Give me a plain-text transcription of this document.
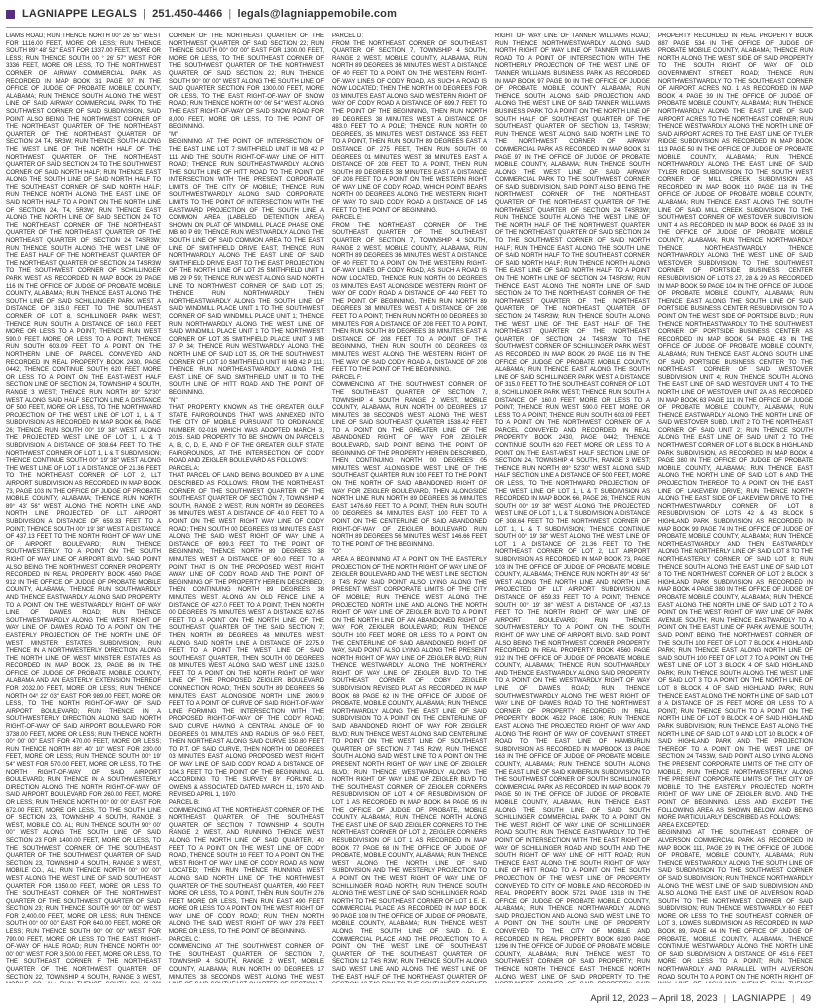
LAGNIAPPE LEGALS | 251.450-4466 | legals@lagniappemobile.com
LIAMS ROAD; RUN THENCE NORTH 00° 26' 55" WEST FOR 1116.00 FEET, MORE OR LESS; RUN THENCE SOUTH 89° 48' 52" EAST FOR 1337.00 FEET, MORE OR LESS; RUN THENCE SOUTH 00 ° 26' 57" WEST FOR 3336 FEET, MORE OR LESS, TO THE NORTHWEST CORNER OF AIRWAY COMMERCIAL PARK AS RECORDED IN MAP BOOK 31 PAGE 97 IN THE OFFICE OF JUDGE OF PROBATE MOBILE COUNTY, ALABAMA; RUN THENCE SOUTH ALONG THE WEST LINE OF SAID AIRWAY COMMERCIAL PARK TO THE SOUTHWEST CORNER OF SAID SUBDIVISION, SAID POINT ALSO BEING THE NORTHWEST CORNER OF THE NORTHEAST QUARTER OF THE NORTHEAST QUARTER OF THE NORTHEAST QUARTER OF SECTION 24 T4, 5R3W; RUN THENCE SOUTH ALONG THE WEST LINE OF THE NORTH HALF OF THE NORTHWEST QUARTER OF THE NORTHEAST QUARTER OF SAID SECTION 24 TO THE SOUTHWEST CORNER OF SAID NORTH HALF; RUN THENCE EAST ALONG THE SOUTH LINE OF SAID NORTH HALF TO THE SOUTHEAST CORNER OF SAID NORTH HALF; RUN THENCE NORTH ALONG THE EAST LINE OF SAID NORTH HALF TO A POINT ON THE NORTH LINE OF SECTION 24, T4, 5R3W; RUN THENCE EAST ALONG THE NORTH LINE OF SAID SECTION 24 TO THE NORTHEAST CORNER OF THE NORTHEAST QUARTER OF THE NORTHEAST QUARTER OF THE NORTHEAST QUARTER OF SECTION 24 T4SR3W; RUN THENCE SOUTH ALONG THE WEST LINE OF THE EAST HALF OF THE NORTHEAST QUARTER OF THE NORTHEAST QUARTER OF SECTION 24 T4SR3W TO THE SOUTHWEST CORNER OF SCHILLINGER PARK WEST AS RECORDED IN MAP BOOK 29 PAGE 116 IN THE OFFICE OF JUDGE OF PROBATE MOBILE COUNTY, ALABAMA; RUN THENCE EAST ALONG THE SOUTH LINE OF SAID SCHILLINGER PARK WEST A DISTANCE OF 315.0 FEET TO THE SOUTHEAST CORNER OF LOT 8, SCHILLINGER PARK WEST; THENCE RUN SOUTH A DISTANCE OF 160.0 FEET MORE OR LESS TO A POINT; THENCE RUN WEST 590.0 FEET MORE OR LESS TO A POINT; THENCE RUN SOUTH 603.09 FEET TO A POINT ON THE NORTHERN LINE OF PARCEL CONVEYED AND RECORDED IN REAL PROPERTY BOOK 2430, PAGE 0442; THENCE CONTINUE SOUTH 620 FEET MORE OR LESS TO A POINT ON THE EAST-WEST HALF SECTION LINE OF SECTION 24, TOWNSHIP 4 SOUTH, RANGE 3 WEST; THENCE RUN NORTH 89° 52'30" WEST ALONG SAID HALF SECTION LINE A DISTANCE OF 500 FEET, MORE OR LESS, TO THE NORTHWARD PROJECTION OF THE WEST LINE OF LOT 1, L & T SUBDIVISION AS RECORDED IN MAP BOOK 66, PAGE 26; THENCE RUN SOUTH 00° 19' 38" WEST ALONG THE PROJECTED WEST LINE OF LOT 1, L & T SUBDIVISION A DISTANCE OF 308.64 FEET TO THE NORTHWEST CORNER OF LOT 1, L & T SUBDIVISION; THENCE CONTINUE SOUTH 00° 19' 38" WEST ALONG THE WEST LINE OF LOT 1 A DISTANCE OF 21.36 FEET TO THE NORTHEAST CORNER OF LOT 2, LLT AIRPORT SUBDIVISION AS RECORDED IN MAP BOOK 73, PAGE 103 IN THE OFFICE OF JUDGE OF PROBATE MOBILE COUNTY, ALABAMA; THENCE RUN NORTH 89° 43' 56" WEST ALONG THE NORTH LINE AND NORTH LINE PROJECTED OF LLT AIRPORT SUBDIVISION A DISTANCE OF 659.33 FEET TO A POINT; THENCE SOUTH 00° 19' 38" WEST A DISTANCE OF 437.13 FEET TO THE NORTH RIGHT OF WAY LINE OF AIRPORT BOULEVARD; RUN THENCE SOUTHWESTERLY TO A POINT ON THE SOUTH RIGHT OF WAY LINE OF AIRPORT BLVD. SAID POINT ALSO BEING THE NORTHWEST CORNER PROPERTY RECORDED IN REAL PROPERTY BOOK 4560 PAGE 912 IN THE OFFICE OF JUDGE OF PROBATE MOBILE COUNTY, ALABAMA; THENCE RUN SOUTHWARDLY AND THENCE EASTWARDLY ALONG SAID PROPERTY TO A POINT ON THE WESTWARDLY RIGHT OF WAY LINE OF DAWES ROAD; RUN THENCE SOUTHWESTWARDLY ALONG THE WEST RIGHT OF WAY LINE OF DAWES ROAD TO A POINT ON THE EASTERLY PROJECTION OF THE NORTH LINE OF WEST MINSTER ESTATES SUBDIVISION; RUN THENCE IN A NORTHWESTERLY DIRECTION ALONG THE NORTH LINE OF WEST MINSTER ESTATES AS RECORDED IN MAP BOOK 23, PAGE 86 IN THE OFFICE OF JUDGE OF PROBATE MOBILE COUNTY, ALABAMA AND AN EASTERLY EXTENSION THEREOF FOR 2032.00 FEET, MORE OR LESS; RUN THENCE NORTH 04° 22' 03" EAST FOR 989.00 FEET, MORE OR LESS, TO THE NORTH RIGHT-OF-WAY OF SAID AIRPORT BOULEVARD; RUN THENCE IN A SOUTHWESTERLY DIRECTION ALONG SAID NORTH RIGHT-OF-WAY OF SAID AIRPORT BOULEVARD FOR 3738.00 FEET, MORE OR LESS; RUN THENCE NORTH 00° 00' 00" EAST FOR 470.00 FEET, MORE OR LESS; RUN THENCE NORTH 88° 40' 10" WEST FOR 230.00 FEET, MORE OR LESS; RUN THENCE SOUTH 00° 19' 54" WEST FOR 570.00 FEET, MORE OR LESS, TO THE NORTH RIGHT-OF-WAY OF SAID AIRPORT BOULEVARD; RUN THENCE IN A SOUTHWESTERLY DIRECTION ALONG THE NORTH RIGHT-OF-WAY OF SAID AIRPORT BOULEVARD FOR 260.00 FEET, MORE OR LESS; RUN THENCE NORTH 00° 00' 00" EAST FOR 672.00 FEET, MORE OR LESS, TO THE SOUTH LINE OF SECTION 23, TOWNSHIP 4 SOUTH, RANGE 3 WEST, MOBILE CO. AL; RUN THENCE SOUTH 90° 00' 00" WEST ALONG THE SOUTH LINE OF SAID SECTION 23 FOR 1400.00 FEET, MORE OR LESS, TO THE SOUTHWEST CORNER OF THE SOUTHEAST QUARTER OF THE SOUTHWEST QUARTER OF SAID SECTION 23, TOWNSHIP 4 SOUTH, RANGE 3 WEST, MOBILE CO., AL; RUN THENCE NORTH 00° 00' 00" WEST ALONG THE WEST LINE OF SAID SOUTHEAST QUARTER FOR 1350.00 FEET, MORE OR LESS TO THE SOUTHEAST CORNER OF THE NORTHWEST QUARTER OF THE SOUTHWEST QUARTER OF SAID SECTION 23; RUN THENCE SOUTH 90° 00' 00" WEST FOR 2,400.00 FEET, MORE OR LESS; RUN THENCE SOUTH 00° 00' 00" EAST FOR 640.00 FEET, MORE OR LESS; RUN THENCE SOUTH 90° 00' 00" WEST FOR 790.00 FEET, MORE OR LESS TO THE EAST RIGHT-OF-WAY OF HALE ROAD; RUN THENCE NORTH 00° 00' 00" WEST FOR 3,500.00 FEET, MORE OR LESS, TO THE SOUTHEAST CORNER F THE NORTHEAST QUARTER OF THE NORTHWEST QUARTER OF SECTION 22, TOWNSHIP 4 SOUTH, RANGE 3 WEST,
CORNER OF THE NORTHEAST QUARTER OF THE NORTHWEST QUARTER OF SAID SECTION 22; RUN THENCE SOUTH 00° 00' 00" EAST FOR 1300.00 FEET, MORE OR LESS, TO THE SOUTHEAST CORNER OF THE SOUTHWEST QUARTER OF THE NORTHWEST QUARTER OF SAID SECTION 22; RUN THENCE SOUTH 90° 00' 00" WEST ALONG THE SOUTH LINE OF SAID QUARTER SECTION FOR 1300.00 FEET, MORE OR LESS, TO THE EAST RIGHT-OF-WAY OF SNOW ROAD; RUN THENCE NORTH 00° 06' 54" WEST ALONG THE EAST RIGHT-OF-WAY OF SAID SNOW ROAD FOR 8,000 FEET, MORE OR LESS, TO THE POINT OF BEGINNING.
"M"
BEGINNING AT THE POINT OF INTERSECTION OF THE EAST LINE LOT 7 SMITHFIELD UNIT III MB 42 P 111 AND THE SOUTH RIGHT-OF-WAY LINE OF HITT ROAD; THENCE RUN SOUTHEASTWARDLY ALONG THE SOUTH LINE OF HITT ROAD TO THE POINT OF INTERSECTION WITH THE PRESENT CORPORATE LIMITS OF THE CITY OF MOBILE; THENCE RUN SOUTHWESTWARDLY ALONG SAID CORPORATE LIMITS TO THE POINT OF INTERSECTION WITH THE EASTWARD PROJECTION OF THE SOUTH LINE A COMMON AREA (LABELED DETENTION AREA) SHOWN ON PLAT OF WINDMILL PLACE PHASE ONE MB 60 P 69; THENCE RUN WESTWARDLY ALONG THE SOUTH LINE OF SAID COMMON AREA TO THE EAST LINE OF SMITHFIELD DRIVE EAST; THENCE RUN NORTHWARDLY ALONG THE EAST LINE OF SAID SMITHFIELD DRIVE EAST TO THE EAST PROJECTION OF THE NORTH LINE OF LOT 25 SMITHFIELD UNIT 1 MB 29 P 59; THENCE RUN WEST ALONG SAID NORTH LINE TO NORTHWEST CORNER OF SAID LOT 25; THENCE RUN NORTHWARDLY THEN NORTHEASTWARDLY ALONG THE SOUTH LINE OF SAID WINDMILL PLACE UNIT 1 TO THE SOUTHWEST CORNER OF SAID WINDMILL PLACE UNIT 1; THENCE RUN NORTHWARDLY ALONG THE WEST LINE OF SAID WINDMILL PLACE UNIT 1 TO THE NORTHWEST CORNER OF LOT 35 SMITHFIELD PLACE UNIT 3 MB 37 P 34; THENCE RUN WESTWARDLY ALONG THE NORTH LINE OF SAID LOT 35, OR THE SOUTHWEST CORNER OF LOT 10 SMITHFIELD UNIT III MB 42 P 111; THENCE RUN NORTHEASTWARDLY ALONG THE EAST LINE OF SAID SMITHFIELD UNIT III TO THE SOUTH LINE OF HITT ROAD AND THE POINT OF BEGINNING.
"N"
THAT PROPERTY KNOWN AS THE GREATER GULF STATE FAIRGROUNDS THAT WAS ANNEXED INTO THE CITY OF MOBILE PURSUANT TO ORDINANCE NUMBER 02-016 WHICH WAS ADOPTED MARCH 3, 2015. SAID PROPERTY TO BE SHOWN ON PARCELS A, B, C, D, E, AND F OF THE GREATER GULF STATE FAIRGROUNDS, AT THE INTERSECTION OF CODY ROAD AND ZEIGLER BOULEVARD AS FOLLOWS:
PARCEL A:
THAT PARCEL OF LAND BEING BOUNDED BY A LINE DESCRIBED AS FOLLOWS: FROM THE NORTHEAST CORNER OF THE SOUTHWEST QUARTER OF THE SOUTHEAST QUARTER OF SECTION 7, TOWNSHIP 4 SOUTH, RANGE 2 WEST; RUN NORTH 89 DEGREES 36 MINUTES WEST A DISTANCE OF 40.0 FEET TO A POINT ON THE WEST RIGHT WAY LINE OF CODY ROAD; THEN SOUTH 00 DEGREES 03 MINUTES EAST ALONG THE SAID WEST RIGHT OF WAY LINE A DISTANCE OF 699.3 FEET TO THE POINT OF BEGINNING; THENCE NORTH 89 DEGREES 38 MINUTES WEST A DISTANCE OF 60.0 FEET TO A POINT THAT IS ON THE PROPOSED WEST RIGHT AWAY LINE OF CODY ROAD AND THE POINT OF BEGINNING OF THE PROPERTY HEREIN DESCRIBED; THEN CONTINUING NORTH 89 DEGREES 38 MINUTES WEST ALONG AN OLD FENCE LINE A DISTANCE OF 427.0 FEET TO A POINT; THEN NORTH 00 DEGREES 75 MINUTES WEST A DISTANCE 627.65 FEET TO A POINT ON THE NORTH LINE OF THE SOUTHEAST QUARTER OF THE SAID SECTION 7; THEN NORTH 89 DEGREES 48 MINUTES WEST ALONG SAID NORTH LINE A DISTANCE OF 2275.9 FEET TO A POINT THE WEST LINE OF SAID SOUTHEAST QUARTER, THEN SOUTH 00 DEGREES 08 MINUTES WEST ALONG SAID WEST LINE 1325.0 FEET TO A POINT ON THE NORTH RIGHT OF WAY LINE OF THE PROPOSED ZEIGLER BOULEVARD CONNECTION ROAD; THEN SOUTH 89 DEGREES 56 MINUTES EAST ALONGSIDE NORTH LINE 2609.9 FEET TO A POINT OF CURVE OF SAID RIGHT-OF-WAY LINE FORMING THE INTERSECTION WITH THE PROPOSED RIGHT-OF-WAY OF THE CODY ROAD; SAID CURVE HAVING A CENTRAL ANGLE OF 90 DEGREES 01 MINUTES AND RADIUS OF 96.0 FEET, THEN NORTHEAST ALONG SAID CURVE 150.80 FEET TO P.T. OF SAID CURVE, THEN NORTH 00 DEGREES 03 MINUTES EAST ALONG PROPOSED WEST RIGHT OF WAY LINE OF SAID CODY ROAD A DISTANCE OF 104.3 FEET TO THE POINT OF THE BEGINNING. ALL ACCORDING TO THE SURVEY BY FORLINE D. OWENS & ASSOCIATED DATED MARCH 11, 1970 AND REVISED APRIL 1, 1970
PARCEL B:
COMMENCING AT THE NORTHEAST CORNER OF THE NORTHEAST QUARTER OF THE SOUTHEAST QUARTER OF SECTION 7 TOWNSHIP 4 SOUTH RANGE 2 WEST, AND RUNNING THENCE WEST ALONG THE NORTH LINE OF SAID QUARTER, 40 FEET TO A POINT ON THE WEST LINE OF CODY ROAD, THENCE SOUTH 10 FEET TO A POINT ON THE WEST RIGHT OF WAY LINE OF CODY ROAD AS NOW LOCATED; THEN RUN THENCE RUNNING WEST ALONG SAID NORTH LINE OF THE NORTHWEST QUARTER OF THE SOUTHEAST QUARTER, 490 FEET MORE OR LESS, TO A POINT, THEN RUN SOUTH 276 FEET MORE OR LESS, THEN RUN EAST 490 FEET MORE OR LESS TO A POINT ON THE WEST RIGHT OF WAY LINE OF CODY ROAD; RUN THEN NORTH ALONG THE SAID WEST RIGHT OF WAY 278 FEET MORE OR LESS, TO THE POINT OF BEGINNING.
PARCEL C:
COMMENCING AT THE SOUTHWEST CORNER OF THE SOUTHEAST QUARTER OF SECTION 7, TOWNSHIP 4 SOUTH, RANGE 2 WEST, MOBILE COUNTY, ALABAMA; RUN NORTH 00 DEGREES 17 MINUTES 38 SECONDS WEST ALONG THE WEST
PARCEL D:
FROM THE NORTHEAST CORNER OF SOUTHEAST QUARTER OF SECTION 7, TOWNSHIP 4 SOUTH, RANGE 2 WEST, MOBILE COUNTY, ALABAMA, RUN NORTH 89 DEGREES 36 MINUTES WEST A DISTANCE OF 40 FEET TO A POINT ON THE WESTERN RIGHT-OF-WAY LINES OF CODY ROAD, AS SUCH A ROAD IS NOW LOCATED; THEN THE NORTH 00 DEGREES FOR 03 MINUTES EAST ALONG SAID WESTERN RIGHT OF WAY OF CODY ROAD A DISTANCE OF 699.7 FEET TO THE POINT OF THE BEGINNING, THEN RUN NORTH 89 DEGREES 38 MINUTES WEST A DISTANCE OF 483.0 FEET TO A POLE; THENCE RUN NORTH 00 DEGREES, 35 MINUTES WEST DISTANCE 353 FEET TO A POINT, THEN RUN SOUTH 89 DEGREES EAST A DISTANCE OF 275 FEET, THEN RUN SOUTH 00 DEGREES 01 MINUTES WEST 38 MINUTES EAST A DISTANCE OF 208 FEET TO A POINT, THEN RUN SOUTH 89 DEGREES 38 MINUTES EAST A DISTANCE OF 208 FEET TO A POINT ON THE WESTERN RIGHT OF WAY LINE OF CODY ROAD, WHICH POINT BEARS NORTH 00 DEGREES ALONG THE WESTERN RIGHT OF WAY TO SAID CODY ROAD A DISTANCE OF 145 FEET TO THE POINT OF BEGINNING.
PARCEL E:
FROM THE NORTHEAST CORNER OF THE SOUTHEAST QUARTER OF THE SOUTHEAST QUARTER OF SECTION 7, TOWNSHIP 4 SOUTH, RANGE 2 WEST, MOBILE COUNTY, ALABAMA, RUN NORTH 89 DEGREES 36 MINUTES WEST A DISTANCE OF 40 FEET TO A POINT ON THE WESTERN RIGHT-OF-WAY LINES OF CODY ROAD, AS SUCH A ROAD IS NOW LOCATED, THENCE RUN NORTH 00 DEGREES 03 MINUTES EAST ALONGSIDE WESTERN RIGHT OF WAY OF CODY ROAD A DISTANCE OF 440 FEET TO THE POINT OF BEGINNING, THEN RUN NORTH 89 DEGREES 38 MINUTES WEST A DISTANCE OF 208 FEET TO A POINT; THEN RUN NORTH 00 DEGREES 30 MINUTES FOR A DISTANCE OF 208 FEET TO A POINT, THEN RUN SOUTH 89 DEGREES 38 MINUTES EAST A DISTANCE OF 208 FEET TO A POINT OF THE BEGINNING, THEN RUN SOUTH 00 DEGREES 03 MINUTES WEST ALONG THE WESTERN RIGHT OF THE WAY OF SAID CODY ROAD A, DISTANCE OF 208 FEET TO THE POINT OF THE BEGINNING.
PARCEL F:
COMMENCING AT THE SOUTHWEST CORNER OF THE SOUTHEAST QUARTER OF SECTION 7, TOWNSHIP 4 SOUTH RANGE 2 WEST, MOBILE COUNTY, ALABAMA, RUN NORTH 00 DEGREES 17 MINUTES 38 SECONDS WEST ALONG THE WEST LINE OF SAID SOUTHEAST QUARTER 1538.42 FEET TO A POINT ON THE GREATER LINE OF THE ABANDONED RIGHT OF WAY FOR ZEIGLER BOULEVARD, SAID POINT BEING THE POINT OF BEGINNING OF THE PROPERTY HEREIN DESCRIBED, THEN CONTINUING NORTH 00 DEGREES 05 MINUTES WEST ALONGSIDE WEST LINE OF THE SOUTHEAST QUARTER RUN 100 FEET TO THE POINT ON THE NORTH OF SAID ABANDONED RIGHT OF WAY FOR ZEIGLER BOULEVARD, THEN ALONGSIDE NORTH LINE RUN NORTH 89 DEGREES 36 MINUTES EAST 1476.69 FEET TO A POINT, THEN RUN SOUTH 00 DEGREES 84 MINUTES EAST 100 FEET TO A POINT ON THE CENTERLINE OF SAID ABANDONED RIGHT-OF-WAY OF ZEIGLER BOULEVARD RUN NORTH 89 DEGREES 56 MINUTES WEST 146.66 FEET TO THE POINT OF THE BEGINNING.
"O"
AREA A BEGINNING AT A POINT ON THE EASTERLY PROJECTION OF THE NORTH RIGHT OF WAY LINE OF ZEIGLER BOULEVARD AND THE WEST LINE SECTION 8 T4S R2W SAID POINT ALSO LYING ALONG THE PRESENT WEST CORPORATE LIMITS OF THE CITY OF MOBILE; RUN THENCE WEST ALONG THE PROJECTED NORTH LINE AND ALONG THE NORTH RIGHT OF WAY LINE OF ZEIGLER BLVD TO A POINT ON THE NORTH LINE OF AN ABANDONED RIGHT OF WAY FOR ZEIGLER BOULEVARD; RUN THENCE SOUTH 100 FEET MORE OR LESS TO A POINT ON THE CENTERLINE OF SAID ABANDONED RIGHT OF WAY, SAID POINT ALSO LYING ALONG THE PRESENT NORTH RIGHT OF WAY LINE OF ZEIGLER BLVD; RUN THENCE WESTWARDLY ALONG THE NORTHERLY RIGHT OF WAY LINE OF ZEIGLER BLVD TO THE SOUTHEAST CORNER OF COBY ZEIGLER SUBDIVISION REVISED PLAT AS RECORDED IN MAP BOOK 68 PAGE 62 IN THE OFFICE OF JUDGE OF PROBATE, MOBILE COUNTY, ALABAMA; RUN THENCE NORTHWARDLY ALONG THE EAST LINE OF SAID SUBDIVISION TO A POINT ON THE CENTERLINE OF SAID ABANDONED RIGHT OF WAY FOR ZEIGLER BLVD; RUN THENCE WEST ALONG SAID CENTERLINE TO POINT ON THE WEST LINE OF SOUTHEAST QUARTER OF SECTION 7 T4S R2W; RUN THENCE SOUTH ALONG SAID WEST LINE TO A POINT ON THE PRESENT NORTH RIGHT OF WAY LINE OF ZEIGLER BLVD; RUN THENCE WESTWARDLY ALONG THE NORTH RIGHT OF WAY LINE OF ZEIGLER BLVD TO THE SOUTHEAST CORNER OF ZEIGLER CORNERS RESUBDIVISION OF LOT 4 OF RESUBDIVISION OF LOT 1 AS RECORDED IN MAP BOOK 84 PAGE 95 IN THE OFFICE OF JUDGE OF PROBATE, MOBILE COUNTY ALABAMA; RUN THENCE NORTH ALONG THE EAST LINE OF SAID ZEIGLER CORNERS TO THE NORTHEAST CORNER OF LOT 2, ZEIGLER CORNERS RESUBDIVISION OF LOT 1 AS RECORDED IN MAP BOOK 77 PAGE 68 IN THE OFFICE OF JUDGE OF PROBATE, MOBILE COUNTY, ALABAMA; RUN THENCE WEST ALONG THE NORTH LINE OF SAID SUBDIVISION AND THE WESTERLY PROJECTION TO A POINT ON THE WEST RIGHT OF WAY LINE OF SCHILLINGER ROAD NORTH; RUN THENCE SOUTH ALONG THE WEST LINE OF SAID SCHILLINGER ROAD NORTH TO THE SOUTHEAST CORNER OF LOT 1 E. E. COMMERCIAL PLACE AS RECORDED IN MAP BOOK 90 PAGE 108 IN THE OFFICE OF JUDGE OF PROBATE, MOBILE COUNTY, ALABAMA; RUN THENCE WEST ALONG THE SOUTH LINE OF SAID D. E. COMMERCIAL PLACE AND THE PROJECTION TO A POINT ON THE WEST LINE OF SOUTHEAST QUARTER OF THE SOUTHEAST QUARTER OF SECTION 12 T4S R3W; RUN THENCE SOUTH ALONG SAID WEST LINE AND ALONG THE WEST LINE OF THE EAST HALF OF THE NORTHEAST QUARTER OF
RIGHT OF WAY LINE OF TANNER WILLIAMS ROAD; RUN THENCE NORTHWESTWARDLY ALONG SAID NORTH RIGHT OF WAY LINE OF TANNER WILLIAMS ROAD TO A POINT OF INTERSECTION WITH THE NORTHERLY PROJECTION OF THE WEST LINE OF TANNER WILLIAMS BUSINESS PARK AS RECORDED IN MAP BOOK 97 PAGE 90 IN THE OFFICE OF JUDGE OF PROBATE MOBILE COUNTY ALABAMA; RUN THENCE SOUTH ALONG SAID PROJECTION AND ALONG THE WEST LINE OF SAID TANNER WILLIAMS BUSINESS PARK TO A POINT ON THE NORTH LINE OF SOUTH HALF OF SOUTHEAST QUARTER OF THE SOUTHEAST QUARTER OF SECTION 13, T4SR3W; RUN THENCE WEST ALONG SAID NORTH LINE TO THE NORTHWEST CORNER OF AIRWAY COMMERCIAL PARK AS RECORDED IN MAP BOOK 31 PAGE 97 IN THE OFFICE OF JUDGE OF PROBATE MOBILE COUNTY, ALABAMA; RUN THENCE SOUTH ALONG THE WEST LINE OF SAID AIRWAY COMMERCIAL PARK TO THE SOUTHWEST CORNER OF SAID SUBDIVISION, SAID POINT ALSO BEING THE NORTHWEST CORNER OF THE NORTHEAST QUARTER OF THE NORTHEAST QUARTER OF THE NORTHWEST QUARTER OF SECTION 24 T4SR3W; RUN THENCE SOUTH ALONG THE WEST LINE OF THE NORTH HALF OF THE NORTHWEST QUARTER OF THE NORTHEAST QUARTER OF SAID SECTION 24 TO THE SOUTHWEST CORNER OF SAID NORTH HALF; RUN THENCE EAST ALONG THE SOUTH LINE OF SAID NORTH HALF TO THE SOUTHEAST CORNER OF SAID NORTH HALF; RUN THENCE NORTH ALONG THE EAST LINE OF SAID NORTH HALF TO A POINT ON THE NORTH LINE OF SECTION 24 T4SR3W; RUN THENCE EAST ALONG THE NORTH LINE OF SAID SECTION 24 TO THE NORTHEAST CORNER OF THE NORTHWEST QUARTER OF THE NORTHEAST QUARTER OF THE NORTHEAST QUARTER OF SECTION 24 T4SR3W; RUN THENCE SOUTH ALONG THE WEST LINE OF THE EAST HALF OF THE NORTHEAST QUARTER OF THE NORTHEAST QUARTER OF SECTION 24 T4SR3W TO THE SOUTHWEST CORNER OF SCHILLINGER PARK WEST AS RECORDED IN MAP BOOK 29 PAGE 116 IN THE OFFICE OF JUDGE OF PROBATE MOBILE COUNTY, ALABAMA; RUN THENCE EAST ALONG THE SOUTH LINE OF SAID SCHILLINGER PARK WEST A DISTANCE OF 315.0 FEET TO THE SOUTHEAST CORNER OF LOT 8, SCHILLINGER PARK WEST; THENCE RUN SOUTH A DISTANCE OF 160.0 FEET MORE OR LESS TO A POINT; THENCE RUN WEST 590.0 FEET MORE OR LESS TO A POINT; THENCE RUN SOUTH 603.09 FEET TO A POINT ON THE NORTHWEST CORNER OF A PARCEL CONVEYED AND RECORDED IN REAL PROPERTY BOOK 2430, PAGE 0442; THENCE CONTINUE SOUTH 620 FEET MORE OR LESS TO A POINT ON THE EAST-WEST HALF SECTION LINE OF SECTION 24, TOWNSHIP 4 SOUTH, RANGE 3 WEST; THENCE RUN NORTH 89° 52'30" WEST ALONG SAID HALF SECTION LINE A DISTANCE OF 500 FEET, MORE OR LESS, TO THE NORTHWARD PROJECTION OF THE WEST LINE OF LOT 1, L & T SUBDIVISION AS RECORDED IN MAP BOOK 66, PAGE 26; THENCE RUN SOUTH 00° 19' 38" WEST ALONG THE PROJECTED WEST LINE OF LOT 1, L & T SUBDIVISION A DISTANCE OF 308.64 FEET TO THE NORTHWEST CORNER OF LOT 1, L & T SUBDIVISION; THENCE CONTINUE SOUTH 00° 19' 38" WEST ALONG THE WEST LINE OF LOT 1 A DISTANCE OF 21.36 FEET TO THE NORTHEAST CORNER OF LOT 2, LLT AIRPORT SUBDIVISION AS RECORDED IN MAP BOOK 73, PAGE 103 IN THE OFFICE OF JUDGE OF PROBATE MOBILE COUNTY, ALABAMA; THENCE RUN NORTH 89° 43' 56" WEST ALONG THE NORTH LINE AND NORTH LINE PROJECTED OF LLT AIRPORT SUBDIVISION A DISTANCE OF 659.33 FEET TO A POINT; THENCE SOUTH 00° 19' 38" WEST A DISTANCE OF ,437.13 FEET TO THE NORTH RIGHT OF WAY LINE OF AIRPORT BOULEVARD; RUN THENCE SOUTHWESTERLY TO A POINT ON THE SOUTH RIGHT OF WAY LINE OF AIRPORT BLVD. SAID POINT ALSO BEING THE NORTHWEST CORNER PROPERTY RECORDED IN REAL PROPERTY BOOK 4560 PAGE 912 IN THE OFFICE OF JUDGE OF PROBATE MOBILE COUNTY, ALABAMA; THENCE RUN SOUTHWARDLY AND THENCE EASTWARDLY ALONG SAID PROPERTY TO A POINT ON THE WESTWARDLY RIGHT OF WAY LINE OF DAWES ROAD; RUN THENCE SOUTHWESTWARDLY ALONG THE WEST RIGHT OF WAY LINE OF DAWES ROAD TO THE NORTHWEST CORNER OF PROPERTY RECORDED IN REAL PROPERTY BOOK 4522 PAGE 1806; RUN THENCE EAST ALONG THE PROJECTED RIGHT OF WAY AND ALONG THE RIGHT OF WAY OF COVENANT STREET ROAD TO THE EAST LINE OF HAMBURLIN SUBDIVISION AS RECORDED IN MAPBOOK 13 PAGE 163 IN THE OFFICE OF JUDGE OF PROBATE MOBILE COUNTY, ALABAMA; RUN THENCE SOUTH ALONG THE EAST LINE OF SAID KIMBERLIN SUBDIVISION TO THE SOUTHWEST CORNER OF SOUTH SCHILLINGER COMMERCIAL PARK AS RECORDED IN MAP BOOK 79 PAGE 50 IN THE OFFICE OF JUDGE OF PROBATE MOBILE COUNTY, ALABAMA; RUN THENCE EAST ALONG THE SOUTH LINE OF SAID SOUTH SCHILLINGER COMMERCIAL PARK TO A POINT ON THE WEST RIGHT OF WAY LINE OF SCHILLINGER ROAD SOUTH; RUN THENCE EASTWARDLY TO THE POINT OF INTERSECTION WITH THE EAST RIGHT OF WAY OF SCHILLINGER ROAD AND SOUTH AND THE SOUTH RIGHT OF WAY LINE OF HITT ROAD; RUN THENCE EAST ALONG THE SOUTH RIGHT OF WAY LINE OF HITT ROAD TO A POINT ON THE SOUTH PROJECTION OF THE WEST LINE OF PROPERTY CONVEYED TO CITY OF MOBILE AND RECORDED IN REAL PROPERTY BOOK 5721 PAGE 1318 IN THE OFFICE OF JUDGE OF PROBATE MOBILE COUNTY, ALABAMA; RUN THENCE NORTHWARDLY ALONG SAID PROJECTION AND ALONG SAID WEST LINE TO A POINT ON THE SOUTH LINE OF PROPERTY CONVEYED TO THE CITY OF MOBILE AND RECORDED IN REAL PROPERTY BOOK 6280 PAGE 1296 IN THE OFFICE OF JUDGE OF PROBATE MOBILE COUNTY, ALABAMA; RUN THENCE WEST TO SOUTHWEST CORNER OF SAID PROPERTY; RUN THENCE NORTH THENCE EAST THENCE NORTH ALONG WEST LINE OF SAID PROPERTY TO THE
PROPERTY RECORDED IN REAL PROPERTY BOOK 887 PAGE 534 IN THE OFFICE OF JUDGE OF PROBATE MOBILE COUNTY, ALABAMA; THENCE RUN NORTH ALONG THE WEST SIDE OF SAID PROPERTY TO THE SOUTH RIGHT OF WAY OF OLD GOVERNMENT STREET ROAD; THENCE RUN NORTHWESTWARDLY TO THE SOUTHEAST CORNER OF AIRPORT ACRES NO. 1 AS RECORDED IN MAP BOOK 4 PAGE 39 IN THE OFFICE OF JUDGE OF PROBATE MOBILE COUNTY, ALABAMA; RUN THENCE NORTHWARDLY ALONG THE EAST LINE OF SAID AIRPORT ACRES TO THE NORTHEAST CORNER; RUN THENCE WESTWARDLY ALONG THE NORTH LINE OF SAID AIRPORT ACRES TO THE EAST LINE OF TYLER RIDGE SUBDIVISION AS RECORDED IN MAP BOOK 113 PAGE 50 IN THE OFFICE OF JUDGE OF PROBATE MOBILE COUNTY, ALABAMA; RUN THENCE NORTHWARDLY ALONG THE EAST LINE OF SAID TYLER RIDGE SUBDIVISION TO THE SOUTH WEST CORNER OF MILL CREEK SUBDIVISION AS RECORDED IN MAP BOOK 110 PAGE 118 IN THE OFFICE OF JUDGE OF PROBATE MOBILE COUNTY, ALABAMA; RUN THENCE EAST ALONG THE SOUTH LINE OF SAID MILL CREEK SUBDIVISION TO THE SOUTHWEST CORNER OF WESTOVER SUBDIVISION UNIT 4 AS RECORDED IN MAP BOOK 66 PAGE 33 IN THE OFFICE OF JUDGE OF PROBATE MOBILE COUNTY, ALABAMA; RUN THENCE NORTHWARDLY THENCE NORTHEASTWARDLY THENCE NORTHWARDLY ALONG THE WEST LINE OF SAID WESTOVER SUBDIVISION TO THE SOUTHWEST CORNER OF PORTSIDE BUSINESS CENTER RESUBDIVISION OF LOTS 27, 28 & 29 AS RECORDED IN MAP BOOK 59 PAGE 104 IN THE OFFICE OF JUDGE OF PROBATE MOBILE COUNTY, ALABAMA; RUN THENCE EAST ALONG THE SOUTH LINE OF SAID PORTSIDE BUSINESS CENTER RESUBDIVISION TO A POINT ON THE WEST SIDE OF PORTSIDE BLVD.; RUN THENCE NORTHEASTWARDLY TO THE SOUTHWEST CORNER OF PORTSIDE BUSINESS CENTER AS RECORDED IN MAP BOOK 54 PAGE 43 IN THE OFFICE OF JUDGE OF PROBATE MOBILE COUNTY, ALABAMA; RUN THENCE EAST ALONG SOUTH LINE OF SAID PORTSIDE BUSINESS CENTER TO THE NORTHEAST CORNER OF SAID WESTOVER SUBDIVISION UNIT 4; RUN THENCE SOUTH ALONG THE EAST LINE OF SAID WESTOVER UNIT 4 TO THE NORTH LINE OF WESTOVER UNIT 2A AS RECORDED IN MAP BOOK 63 PAGE 111 IN THE OFFICE OF JUDGE OF PROBATE MOBILE COUNTY, ALABAMA; RUN THENCE EASTWARDLY ALONG THE NORTH LINE OF SAID WESTOVER SUBD. UNIT 2 TO THE NORTHEAST CORNER OF SAID UNIT 2; RUN THENCE SOUTH ALONG THE EAST LINE OF SAID UNIT 2 TO THE NORTHWEST CORNER OF LOT 6 BLOCK B HIGHLAND PARK SUBDIVISION, AS RECORDED IN MAP BOOK 4 PAGE 380 IN THE OFFICE OF JUDGE OF PROBATE MOBILE COUNTY, ALABAMA; RUN THENCE EAST ALONG THE NORTH LINE OF SAID LOT 6 AND THE PROJECTION THEREOF TO A POINT ON THE EAST LINE OF LAKEVIEW DRIVE; RUN THENCE NORTH ALONG THE EAST SIDE OF LAKEVIEW DRIVE TO THE NORTHWESTWARDLY CORNER OF LOT 8 RESUBDIVISION OF LOTS 42 & 43 BLOCK 5 HIGHLAND PARK SUBDIVISION AS RECORDED IN MAP BOOK 99 PAGE 74 IN THE OFFICE OF JUDGE OF PROBATE MOBILE COUNTY, ALABAMA; RUN THENCE NORTHEASTWARDLY AND THEN EASTWARDLY ALONG THE NORTHERLY LINE OF SAID LOT 8 TO THE NORTHEASTERLY CORNER OF SAID LOT 8; RUN THENCE SOUTH ALONG THE EAST LINE OF SAID LOT 8 TO THE NORTHWEST CORNER OF LOT 2 BLOCK 3 HIGHLAND PARK SUBDIVISION AS RECORDED IN MAP BOOK 4 PAGE 380 IN THE OFFICE OF JUDGE OF PROBATE MOBILE COUNTY, ALABAMA; RUN THENCE EAST ALONG THE NORTH LINE OF SAID LOT 2 TO A POINT ON THE WEST RIGHT OF WAY LINE OF PARK AVENUE SOUTH; RUN THENCE EASTWARDLY TO A POINT ON THE EAST LINE OF PARK AVENUE SOUTH; SAID POINT BEING THE NORTHWEST CORNER OF THE SOUTH 100 FEET OF LOT 7 BLOCK 4 HIGHLAND PARK; RUN THENCE EAST ALONG NORTH LINE OF SAID SOUTH 100 FEET OF LOT 7 TO A POINT ON THE WEST LINE OF LOT 3 BLOCK 4 OF SAID HIGHLAND PARK; RUN THENCE SOUTH ALONG THE WEST LINE OF SAID LOT 3 TO A POINT ON THE NORTH LINE OF LOT 8 BLOCK 4 OF SAID HIGHLAND PARK; RUN THENCE EAST ALONG THE NORTH LINE OF SAID LOT 8 A DISTANCE OF 25 FEET MORE OR LESS TO A POINT; RUN THENCE SOUTH TO A POINT ON THE NORTH LINE OF LOT 9 BLOCK 4 OF SAID HIGHLAND PARK SUBDIVISION; RUN THENCE EAST ALONG THE NORTH LINE OF SAID LOT 9 AND LOT 10 BLOCK 4 OF SAID HIGHLAND PARK AND THE PROJECTION THEREOF TO A POINT ON THE WEST LINE OF SECTION 24 T4S3W, SAID POINT ALSO LYING ALONG THE PRESENT CORPORATE LIMITS OF THE CITY OF MOBILE; RUN THENCE NORTHWESTERLY ALONG THE PRESENT CORPORATE LIMITS OF THE CITY OF MOBILE TO THE EASTERLY PROJECTED NORTH RIGHT OF WAY LINE OF ZEIGLER BLVD. AND THE POINT OF BEGINNING. LESS AND EXCEPT THE FOLLOWING AREA AS SHOWN BELOW AND BEING MORE PARTICULARLY DESCRIBED AS FOLLOWS:
AREA EXCEPTED:
BEGINNING AT THE SOUTHEAST CORNER OF ALVERSON COMMERCIAL PARK AS RECORDED IN MAP BOOK 111, PAGE 29 IN THE OFFICE OF JUDGE OF PROBATE, MOBILE COUNTY, ALABAMA; RUN THENCE WESTWARDLY ALONG THE SOUTH LINE OF SAID SUBDIVISION TO THE SOUTHWEST CORNER OF SAID SUBDIVISION; RUN THENCE NORTHWARDLY ALONG THE WEST LINE OF SAID SUBDIVISION AND ALSO ALONG THE EAST LINE OF ALVERSON ROAD SOUTH TO THE NORTHWEST CORNER OF SAID SUBDIVISION; RUN THENCE WESTWARDLY 60 FEET MORE OR LESS TO THE SOUTHEAST CORNER OF LOT 3, LOWES SUBDIVISION AS RECORDED IN MAP BOOK 89, PAGE 44 IN THE OFFICE OF JUDGE OF PROBATE, MOBILE COUNTY, ALABAMA; THENCE CONTINUE WESTWARDLY ALONG THE NORTH LINE OF SAID SUBDIVISION A DISTANCE OF 451.6 FEET MORE OR LESS TO A POINT; RUN THENCE NORTHWARDLY AND PARALLEL WITH ALVERSON ROAD SOUTH TO A POINT ON THE NORTH RIGHT OF
April 12, 2023 – April 18, 2023 | LAGNIAPPE | 49
